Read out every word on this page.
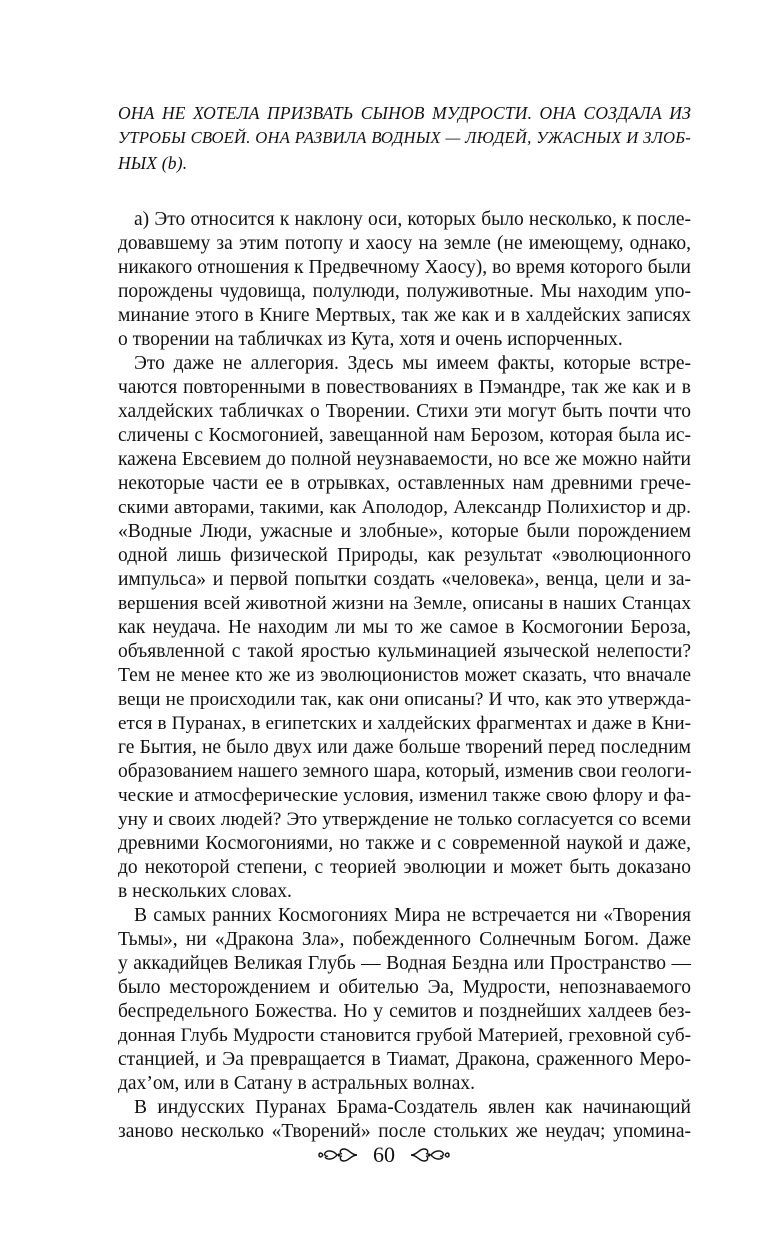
ОНА НЕ ХОТЕЛА ПРИЗВАТЬ СЫНОВ МУДРОСТИ. ОНА СОЗДАЛА ИЗ

УТРОБЫ СВОЕЙ. ОНА РАЗВИЛА ВОДНЫХ — ЛЮДЕЙ, УЖАСНЫХ И ЗЛОБ-

НЫХ (b).

а) Это относится к наклону оси, которых было несколько, к после-

довавшему за этим потопу и хаосу на земле (не имеющему, однако,

никакого отношения к Предвечному Хаосу), во время которого были

порождены чудовища, полулюди, полуживотные. Мы находим упо-

минание этого в Книге Мертвых, так же как и в халдейских записях

о творении на табличках из Кута, хотя и очень испорченных.

Это даже не аллегория. Здесь мы имеем факты, которые встре-

чаются повторенными в повествованиях в Пэмандре, так же как и в

халдейских табличках о Творении. Стихи эти могут быть почти что

сличены с Космогонией, завещанной нам Берозом, которая была ис-

кажена Евсевием до полной неузнаваемости, но все же можно найти

некоторые части ее в отрывках, оставленных нам древними грече-

скими авторами, такими, как Аполодор, Александр Полихистор и др.

«Водные Люди, ужасные и злобные», которые были порождением

одной лишь физической Природы, как результат «эволюционного

импульса» и первой попытки создать «человека», венца, цели и за-

вершения всей животной жизни на Земле, описаны в наших Станцах

как неудача. Не находим ли мы то же самое в Космогонии Бероза,

объявленной с такой яростью кульминацией языческой нелепости?

Тем не менее кто же из эволюционистов может сказать, что вначале

вещи не происходили так, как они описаны? И что, как это утвержда-

ется в Пуранах, в египетских и халдейских фрагментах и даже в Кни-

ге Бытия, не было двух или даже больше творений перед последним

образованием нашего земного шара, который, изменив свои геологи-

ческие и атмосферические условия, изменил также свою флору и фа-

уну и своих людей? Это утверждение не только согласуется со всеми

древними Космогониями, но также и с современной наукой и даже,

до некоторой степени, с теорией эволюции и может быть доказано

в нескольких словах.

В самых ранних Космогониях Мира не встречается ни «Творения

Тьмы», ни «Дракона Зла», побежденного Солнечным Богом. Даже

у аккадийцев Великая Глубь — Водная Бездна или Пространство —

было месторождением и обителью Эа, Мудрости, непознаваемого

беспредельного Божества. Но у семитов и позднейших халдеев без-

донная Глубь Мудрости становится грубой Материей, греховной суб-

станцией, и Эа превращается в Тиамат, Дракона, сраженного Меро-

дах’ом, или в Сатану в астральных волнах.

В индусских Пуранах Брама-Создатель явлен как начинающий

заново несколько «Творений» после стольких же неудач; упомина-

60
